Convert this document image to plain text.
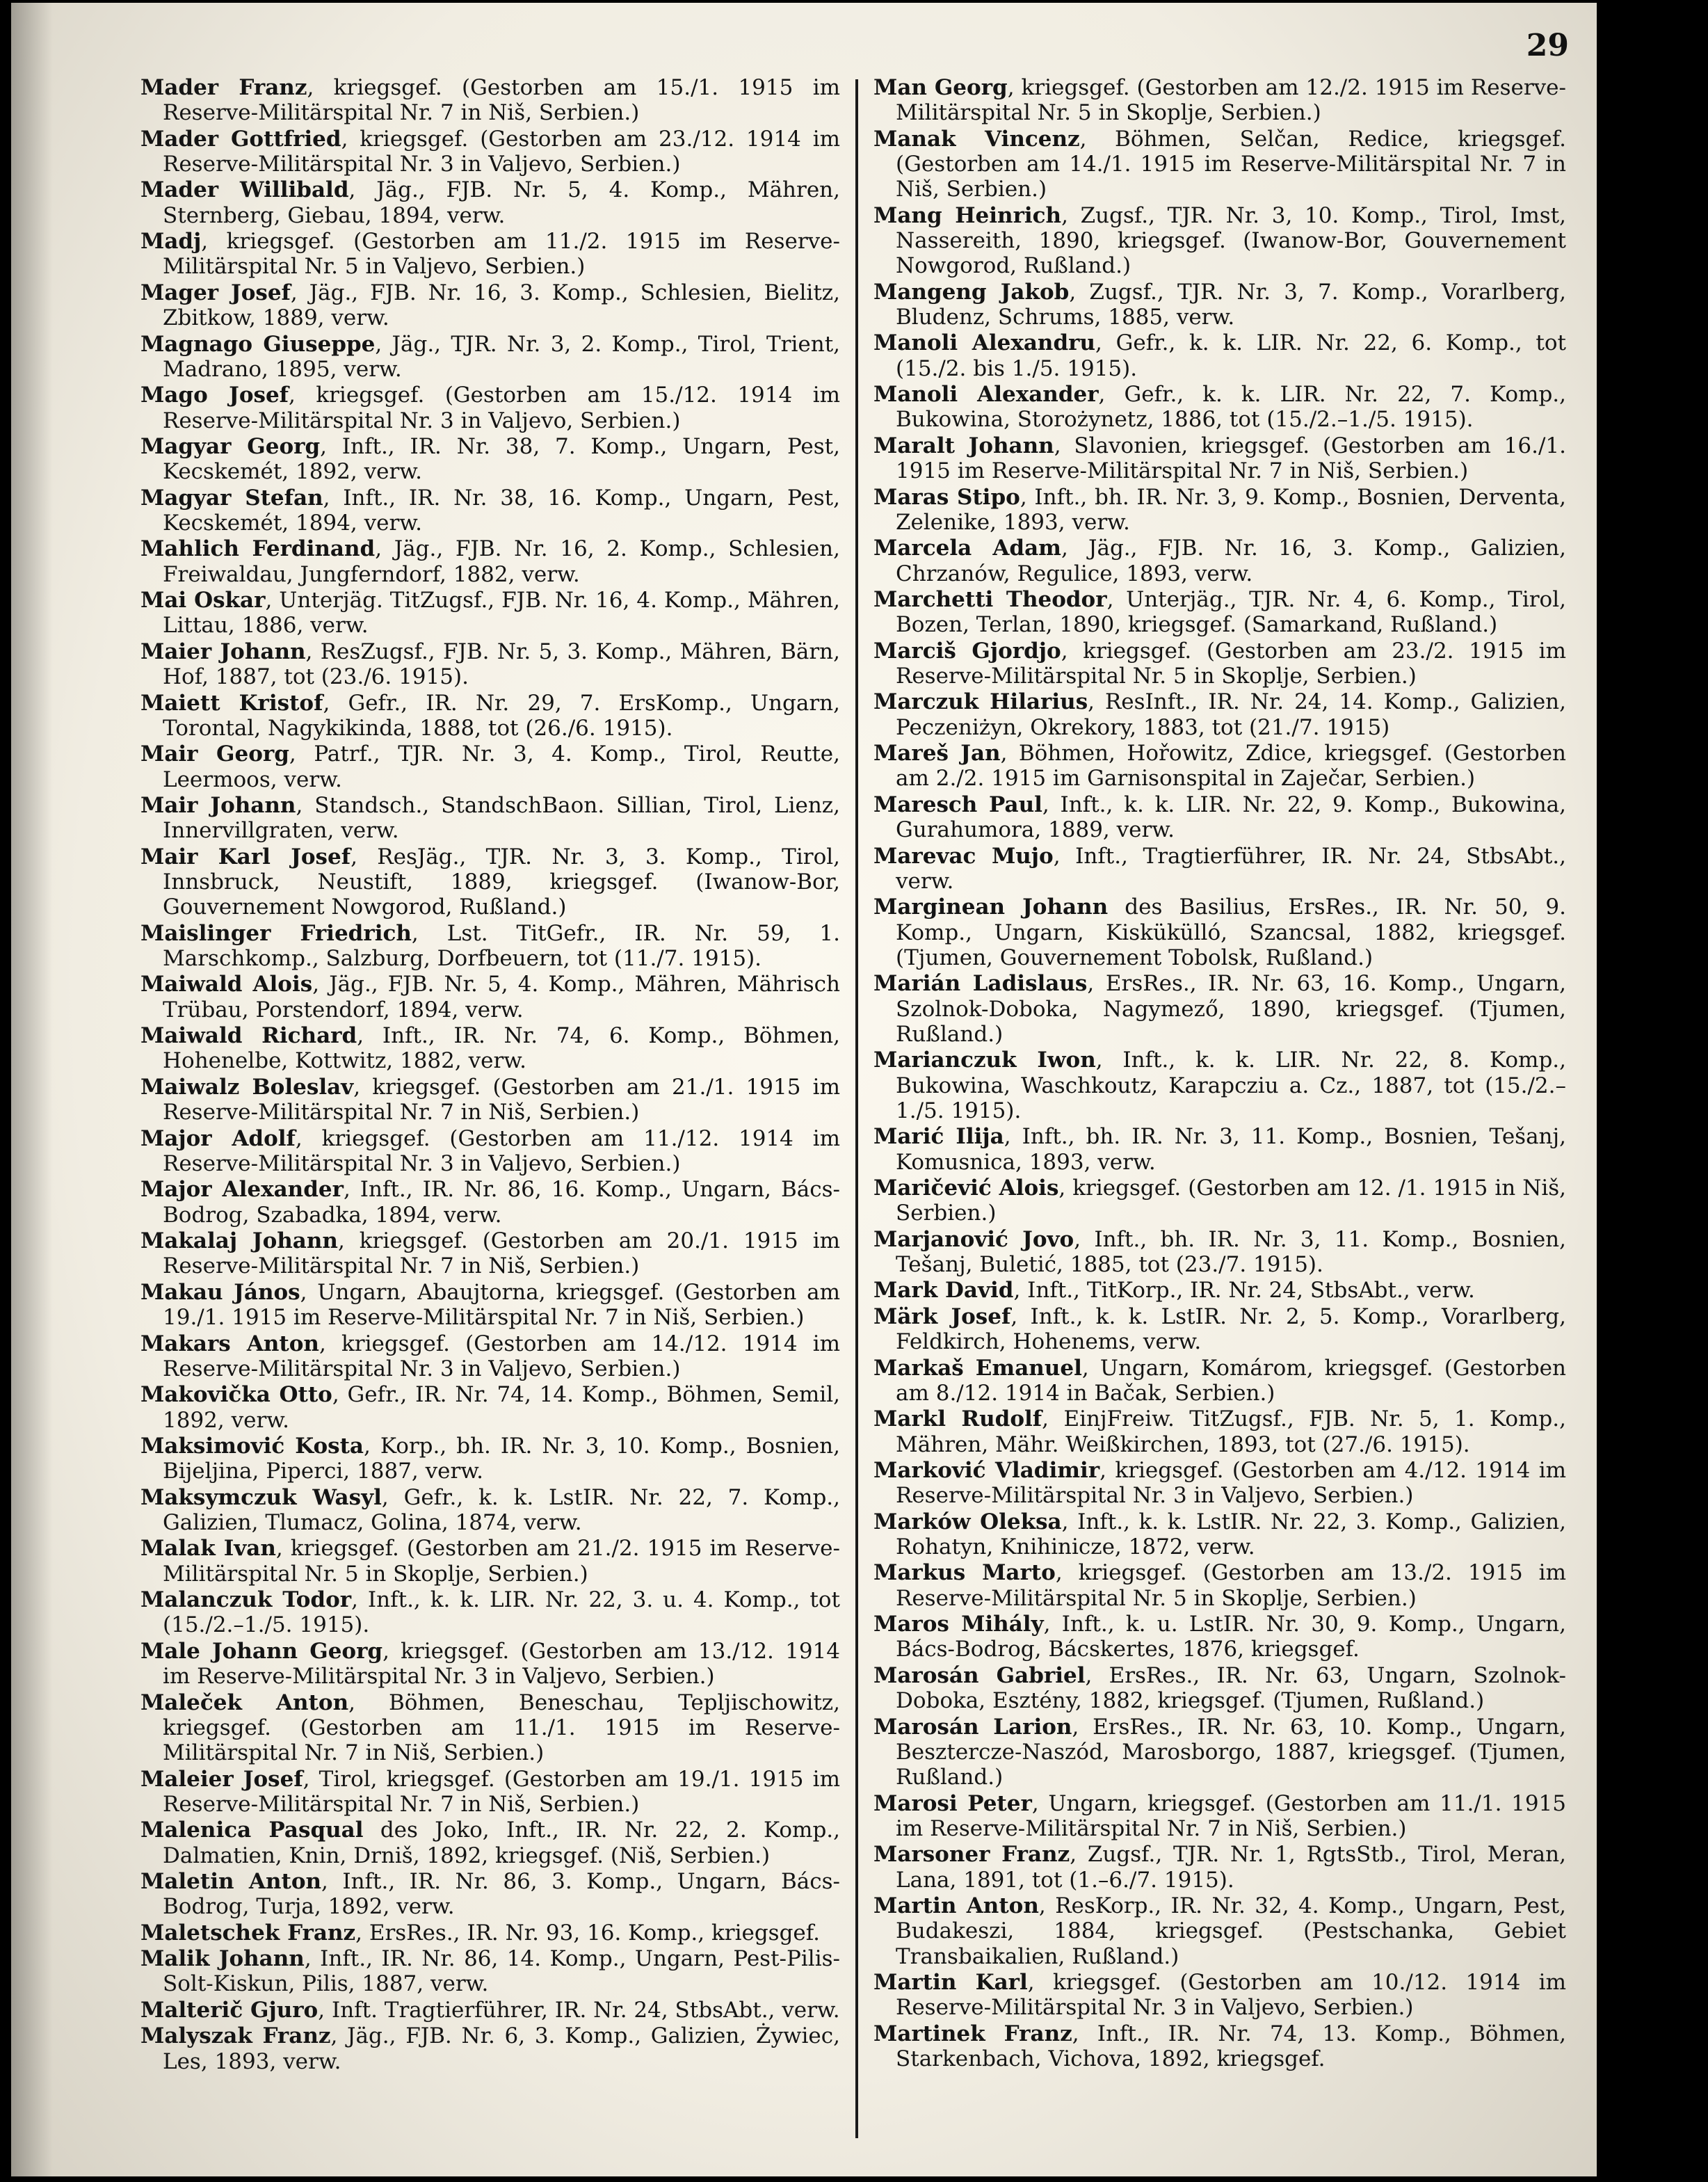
29

Mader Franz, kriegsgef. (Gestorben am 15./1. 1915 im Reserve-Militärspital Nr. 7 in Niš, Serbien.)

Mader Gottfried, kriegsgef. (Gestorben am 23./12. 1914 im Reserve-Militärspital Nr. 3 in Valjevo, Serbien.)

Mader Willibald, Jäg., FJB. Nr. 5, 4. Komp., Mähren, Sternberg, Giebau, 1894, verw.

Madj, kriegsgef. (Gestorben am 11./2. 1915 im Reserve-Militärspital Nr. 5 in Valjevo, Serbien.)

Mager Josef, Jäg., FJB. Nr. 16, 3. Komp., Schlesien, Bielitz, Zbitkow, 1889, verw.

Magnago Giuseppe, Jäg., TJR. Nr. 3, 2. Komp., Tirol, Trient, Madrano, 1895, verw.

Mago Josef, kriegsgef. (Gestorben am 15./12. 1914 im Reserve-Militärspital Nr. 3 in Valjevo, Serbien.)

Magyar Georg, Inft., IR. Nr. 38, 7. Komp., Ungarn, Pest, Kecskemét, 1892, verw.

Magyar Stefan, Inft., IR. Nr. 38, 16. Komp., Ungarn, Pest, Kecskemét, 1894, verw.

Mahlich Ferdinand, Jäg., FJB. Nr. 16, 2. Komp., Schlesien, Freiwaldau, Jungferndorf, 1882, verw.

Mai Oskar, Unterjäg. TitZugsf., FJB. Nr. 16, 4. Komp., Mähren, Littau, 1886, verw.

Maier Johann, ResZugsf., FJB. Nr. 5, 3. Komp., Mähren, Bärn, Hof, 1887, tot (23./6. 1915).

Maiett Kristof, Gefr., IR. Nr. 29, 7. ErsKomp., Ungarn, Torontal, Nagykikinda, 1888, tot (26./6. 1915).

Mair Georg, Patrf., TJR. Nr. 3, 4. Komp., Tirol, Reutte, Leermoos, verw.

Mair Johann, Standsch., StandschBaon. Sillian, Tirol, Lienz, Innervillgraten, verw.

Mair Karl Josef, ResJäg., TJR. Nr. 3, 3. Komp., Tirol, Innsbruck, Neustift, 1889, kriegsgef. (Iwanow-Bor, Gouvernement Nowgorod, Rußland.)

Maislinger Friedrich, Lst. TitGefr., IR. Nr. 59, 1. Marschkomp., Salzburg, Dorfbeuern, tot (11./7. 1915).

Maiwald Alois, Jäg., FJB. Nr. 5, 4. Komp., Mähren, Mährisch Trübau, Porstendorf, 1894, verw.

Maiwald Richard, Inft., IR. Nr. 74, 6. Komp., Böhmen, Hohenelbe, Kottwitz, 1882, verw.

Maiwalz Boleslav, kriegsgef. (Gestorben am 21./1. 1915 im Reserve-Militärspital Nr. 7 in Niš, Serbien.)

Major Adolf, kriegsgef. (Gestorben am 11./12. 1914 im Reserve-Militärspital Nr. 3 in Valjevo, Serbien.)

Major Alexander, Inft., IR. Nr. 86, 16. Komp., Ungarn, Bács-Bodrog, Szabadka, 1894, verw.

Makalaj Johann, kriegsgef. (Gestorben am 20./1. 1915 im Reserve-Militärspital Nr. 7 in Niš, Serbien.)

Makau János, Ungarn, Abaujtorna, kriegsgef. (Gestorben am 19./1. 1915 im Reserve-Militärspital Nr. 7 in Niš, Serbien.)

Makars Anton, kriegsgef. (Gestorben am 14./12. 1914 im Reserve-Militärspital Nr. 3 in Valjevo, Serbien.)

Makovička Otto, Gefr., IR. Nr. 74, 14. Komp., Böhmen, Semil, 1892, verw.

Maksimović Kosta, Korp., bh. IR. Nr. 3, 10. Komp., Bosnien, Bijeljina, Piperci, 1887, verw.

Maksymczuk Wasyl, Gefr., k. k. LstIR. Nr. 22, 7. Komp., Galizien, Tlumacz, Golina, 1874, verw.

Malak Ivan, kriegsgef. (Gestorben am 21./2. 1915 im Reserve-Militärspital Nr. 5 in Skoplje, Serbien.)

Malanczuk Todor, Inft., k. k. LIR. Nr. 22, 3. u. 4. Komp., tot (15./2.–1./5. 1915).

Male Johann Georg, kriegsgef. (Gestorben am 13./12. 1914 im Reserve-Militärspital Nr. 3 in Valjevo, Serbien.)

Maleček Anton, Böhmen, Beneschau, Tepljischowitz, kriegsgef. (Gestorben am 11./1. 1915 im Reserve-Militärspital Nr. 7 in Niš, Serbien.)

Maleier Josef, Tirol, kriegsgef. (Gestorben am 19./1. 1915 im Reserve-Militärspital Nr. 7 in Niš, Serbien.)

Malenica Pasqual des Joko, Inft., IR. Nr. 22, 2. Komp., Dalmatien, Knin, Drniš, 1892, kriegsgef. (Niš, Serbien.)

Maletin Anton, Inft., IR. Nr. 86, 3. Komp., Ungarn, Bács-Bodrog, Turja, 1892, verw.

Maletschek Franz, ErsRes., IR. Nr. 93, 16. Komp., kriegsgef.

Malik Johann, Inft., IR. Nr. 86, 14. Komp., Ungarn, Pest-Pilis-Solt-Kiskun, Pilis, 1887, verw.

Malterič Gjuro, Inft. Tragtierführer, IR. Nr. 24, StbsAbt., verw.

Malyszak Franz, Jäg., FJB. Nr. 6, 3. Komp., Galizien, Żywiec, Les, 1893, verw.

Man Georg, kriegsgef. (Gestorben am 12./2. 1915 im Reserve-Militärspital Nr. 5 in Skoplje, Serbien.)

Manak Vincenz, Böhmen, Selčan, Redice, kriegsgef. (Gestorben am 14./1. 1915 im Reserve-Militärspital Nr. 7 in Niš, Serbien.)

Mang Heinrich, Zugsf., TJR. Nr. 3, 10. Komp., Tirol, Imst, Nassereith, 1890, kriegsgef. (Iwanow-Bor, Gouvernement Nowgorod, Rußland.)

Mangeng Jakob, Zugsf., TJR. Nr. 3, 7. Komp., Vorarlberg, Bludenz, Schrums, 1885, verw.

Manoli Alexandru, Gefr., k. k. LIR. Nr. 22, 6. Komp., tot (15./2. bis 1./5. 1915).

Manoli Alexander, Gefr., k. k. LIR. Nr. 22, 7. Komp., Bukowina, Storożynetz, 1886, tot (15./2.–1./5. 1915).

Maralt Johann, Slavonien, kriegsgef. (Gestorben am 16./1. 1915 im Reserve-Militärspital Nr. 7 in Niš, Serbien.)

Maras Stipo, Inft., bh. IR. Nr. 3, 9. Komp., Bosnien, Derventa, Zelenike, 1893, verw.

Marcela Adam, Jäg., FJB. Nr. 16, 3. Komp., Galizien, Chrzanów, Regulice, 1893, verw.

Marchetti Theodor, Unterjäg., TJR. Nr. 4, 6. Komp., Tirol, Bozen, Terlan, 1890, kriegsgef. (Samarkand, Rußland.)

Marciš Gjordjo, kriegsgef. (Gestorben am 23./2. 1915 im Reserve-Militärspital Nr. 5 in Skoplje, Serbien.)

Marczuk Hilarius, ResInft., IR. Nr. 24, 14. Komp., Galizien, Peczeniżyn, Okrekory, 1883, tot (21./7. 1915)

Mareš Jan, Böhmen, Hořowitz, Zdice, kriegsgef. (Gestorben am 2./2. 1915 im Garnisonspital in Zaječar, Serbien.)

Maresch Paul, Inft., k. k. LIR. Nr. 22, 9. Komp., Bukowina, Gurahumora, 1889, verw.

Marevac Mujo, Inft., Tragtierführer, IR. Nr. 24, StbsAbt., verw.

Marginean Johann des Basilius, ErsRes., IR. Nr. 50, 9. Komp., Ungarn, Kiskükülló, Szancsal, 1882, kriegsgef. (Tjumen, Gouvernement Tobolsk, Rußland.)

Marián Ladislaus, ErsRes., IR. Nr. 63, 16. Komp., Ungarn, Szolnok-Doboka, Nagymező, 1890, kriegsgef. (Tjumen, Rußland.)

Marianczuk Iwon, Inft., k. k. LIR. Nr. 22, 8. Komp., Bukowina, Waschkoutz, Karapcziu a. Cz., 1887, tot (15./2.–1./5. 1915).

Marić Ilija, Inft., bh. IR. Nr. 3, 11. Komp., Bosnien, Tešanj, Komusnica, 1893, verw.

Maričević Alois, kriegsgef. (Gestorben am 12. /1. 1915 in Niš, Serbien.)

Marjanović Jovo, Inft., bh. IR. Nr. 3, 11. Komp., Bosnien, Tešanj, Buletić, 1885, tot (23./7. 1915).

Mark David, Inft., TitKorp., IR. Nr. 24, StbsAbt., verw.

Märk Josef, Inft., k. k. LstIR. Nr. 2, 5. Komp., Vorarlberg, Feldkirch, Hohenems, verw.

Markaš Emanuel, Ungarn, Komárom, kriegsgef. (Gestorben am 8./12. 1914 in Bačak, Serbien.)

Markl Rudolf, EinjFreiw. TitZugsf., FJB. Nr. 5, 1. Komp., Mähren, Mähr. Weißkirchen, 1893, tot (27./6. 1915).

Marković Vladimir, kriegsgef. (Gestorben am 4./12. 1914 im Reserve-Militärspital Nr. 3 in Valjevo, Serbien.)

Marków Oleksa, Inft., k. k. LstIR. Nr. 22, 3. Komp., Galizien, Rohatyn, Knihinicze, 1872, verw.

Markus Marto, kriegsgef. (Gestorben am 13./2. 1915 im Reserve-Militärspital Nr. 5 in Skoplje, Serbien.)

Maros Mihály, Inft., k. u. LstIR. Nr. 30, 9. Komp., Ungarn, Bács-Bodrog, Bácskertes, 1876, kriegsgef.

Marosán Gabriel, ErsRes., IR. Nr. 63, Ungarn, Szolnok-Doboka, Esztény, 1882, kriegsgef. (Tjumen, Rußland.)

Marosán Larion, ErsRes., IR. Nr. 63, 10. Komp., Ungarn, Besztercze-Naszód, Marosborgo, 1887, kriegsgef. (Tjumen, Rußland.)

Marosi Peter, Ungarn, kriegsgef. (Gestorben am 11./1. 1915 im Reserve-Militärspital Nr. 7 in Niš, Serbien.)

Marsoner Franz, Zugsf., TJR. Nr. 1, RgtsStb., Tirol, Meran, Lana, 1891, tot (1.–6./7. 1915).

Martin Anton, ResKorp., IR. Nr. 32, 4. Komp., Ungarn, Pest, Budakeszi, 1884, kriegsgef. (Pestschanka, Gebiet Transbaikalien, Rußland.)

Martin Karl, kriegsgef. (Gestorben am 10./12. 1914 im Reserve-Militärspital Nr. 3 in Valjevo, Serbien.)

Martinek Franz, Inft., IR. Nr. 74, 13. Komp., Böhmen, Starkenbach, Vichova, 1892, kriegsgef.
